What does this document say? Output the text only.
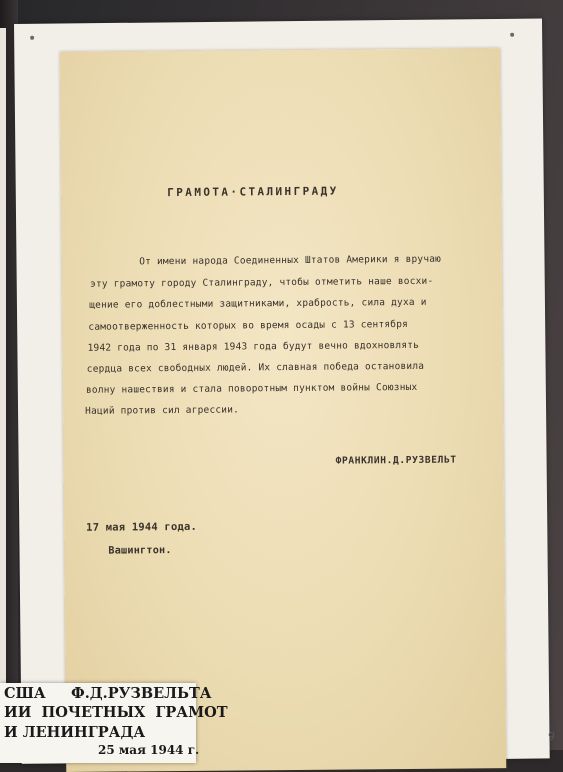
ГРАМОТА·СТАЛИНГРАДУ
От имени народа Соединенных Штатов Америки я вручаю
эту грамоту городу Сталинграду, чтобы отметить наше восхи-
щение его доблестными защитниками, храбрость, сила духа и
самоотверженность которых во время осады с 13 сентября
1942 года по 31 января 1943 года будут вечно вдохновлять
сердца всех свободных людей. Их славная победа остановила
волну нашествия и стала поворотным пунктом войны Союзных
Наций против сил агрессии.
ФРАНКЛИН.Д.РУЗВЕЛЬТ
17 мая 1944 года.
Вашингтон.
9
США     Ф.Д.РУЗВЕЛЬТА
ИИ  ПОЧЕТНЫХ  ГРАМОТ
И ЛЕНИНГРАДА
25 мая 1944 г.
